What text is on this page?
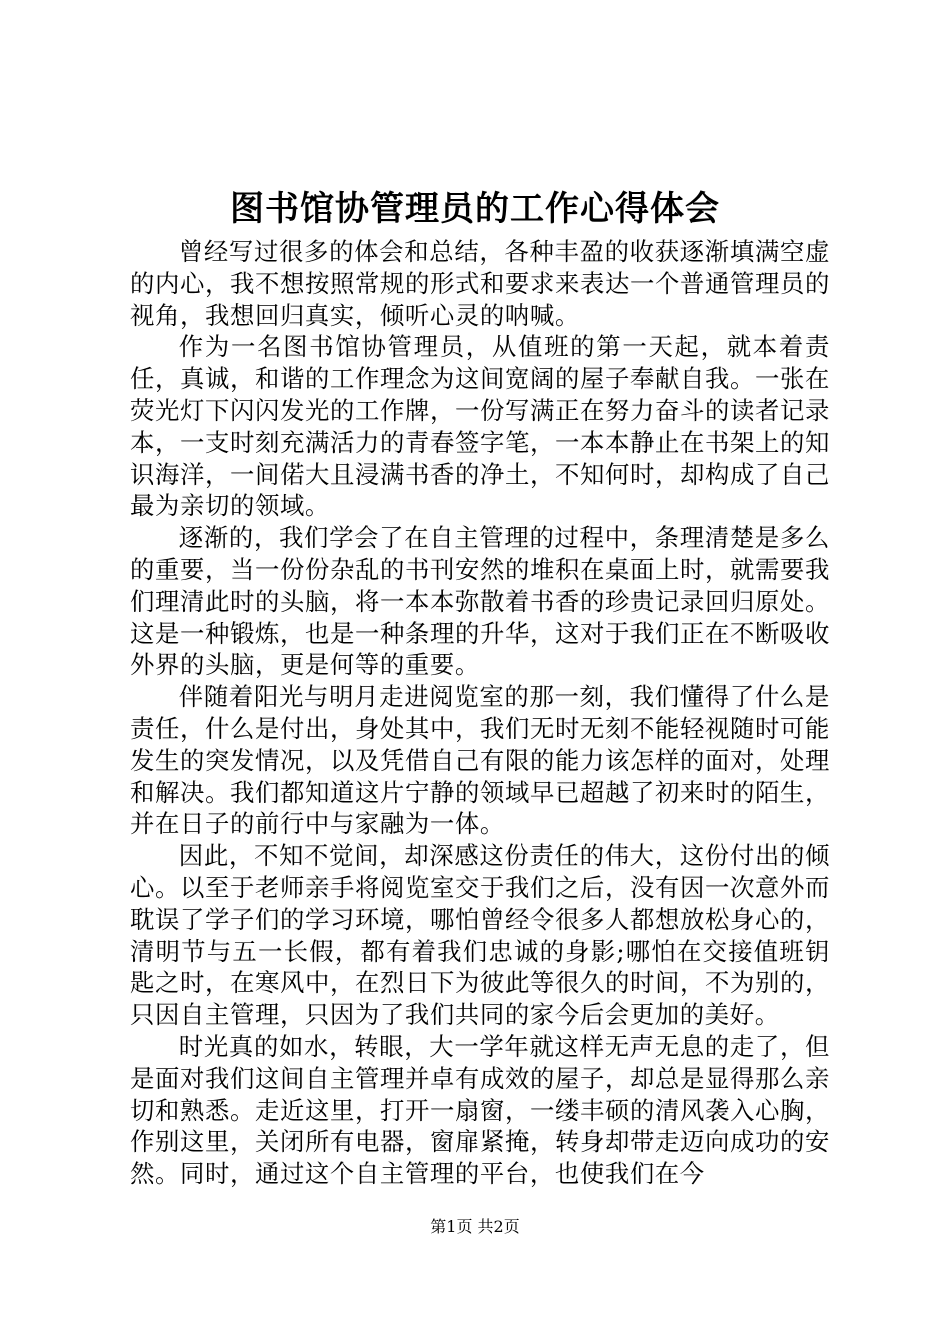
图书馆协管理员的工作心得体会

曾经写过很多的体会和总结，各种丰盈的收获逐渐填满空虚的内心，我不想按照常规的形式和要求来表达一个普通管理员的视角，我想回归真实，倾听心灵的呐喊。

作为一名图书馆协管理员，从值班的第一天起，就本着责任，真诚，和谐的工作理念为这间宽阔的屋子奉献自我。一张在荧光灯下闪闪发光的工作牌，一份写满正在努力奋斗的读者记录本，一支时刻充满活力的青春签字笔，一本本静止在书架上的知识海洋，一间偌大且浸满书香的净土，不知何时，却构成了自己最为亲切的领域。

逐渐的，我们学会了在自主管理的过程中，条理清楚是多么的重要，当一份份杂乱的书刊安然的堆积在桌面上时，就需要我们理清此时的头脑，将一本本弥散着书香的珍贵记录回归原处。这是一种锻炼，也是一种条理的升华，这对于我们正在不断吸收外界的头脑，更是何等的重要。

伴随着阳光与明月走进阅览室的那一刻，我们懂得了什么是责任，什么是付出，身处其中，我们无时无刻不能轻视随时可能发生的突发情况，以及凭借自己有限的能力该怎样的面对，处理和解决。我们都知道这片宁静的领域早已超越了初来时的陌生，并在日子的前行中与家融为一体。

因此，不知不觉间，却深感这份责任的伟大，这份付出的倾心。以至于老师亲手将阅览室交于我们之后，没有因一次意外而耽误了学子们的学习环境，哪怕曾经令很多人都想放松身心的，清明节与五一长假，都有着我们忠诚的身影;哪怕在交接值班钥匙之时，在寒风中，在烈日下为彼此等很久的时间，不为别的，只因自主管理，只因为了我们共同的家今后会更加的美好。

时光真的如水，转眼，大一学年就这样无声无息的走了，但是面对我们这间自主管理并卓有成效的屋子，却总是显得那么亲切和熟悉。走近这里，打开一扇窗，一缕丰硕的清风袭入心胸，作别这里，关闭所有电器，窗扉紧掩，转身却带走迈向成功的安然。同时，通过这个自主管理的平台，也使我们在今

第1页 共2页
